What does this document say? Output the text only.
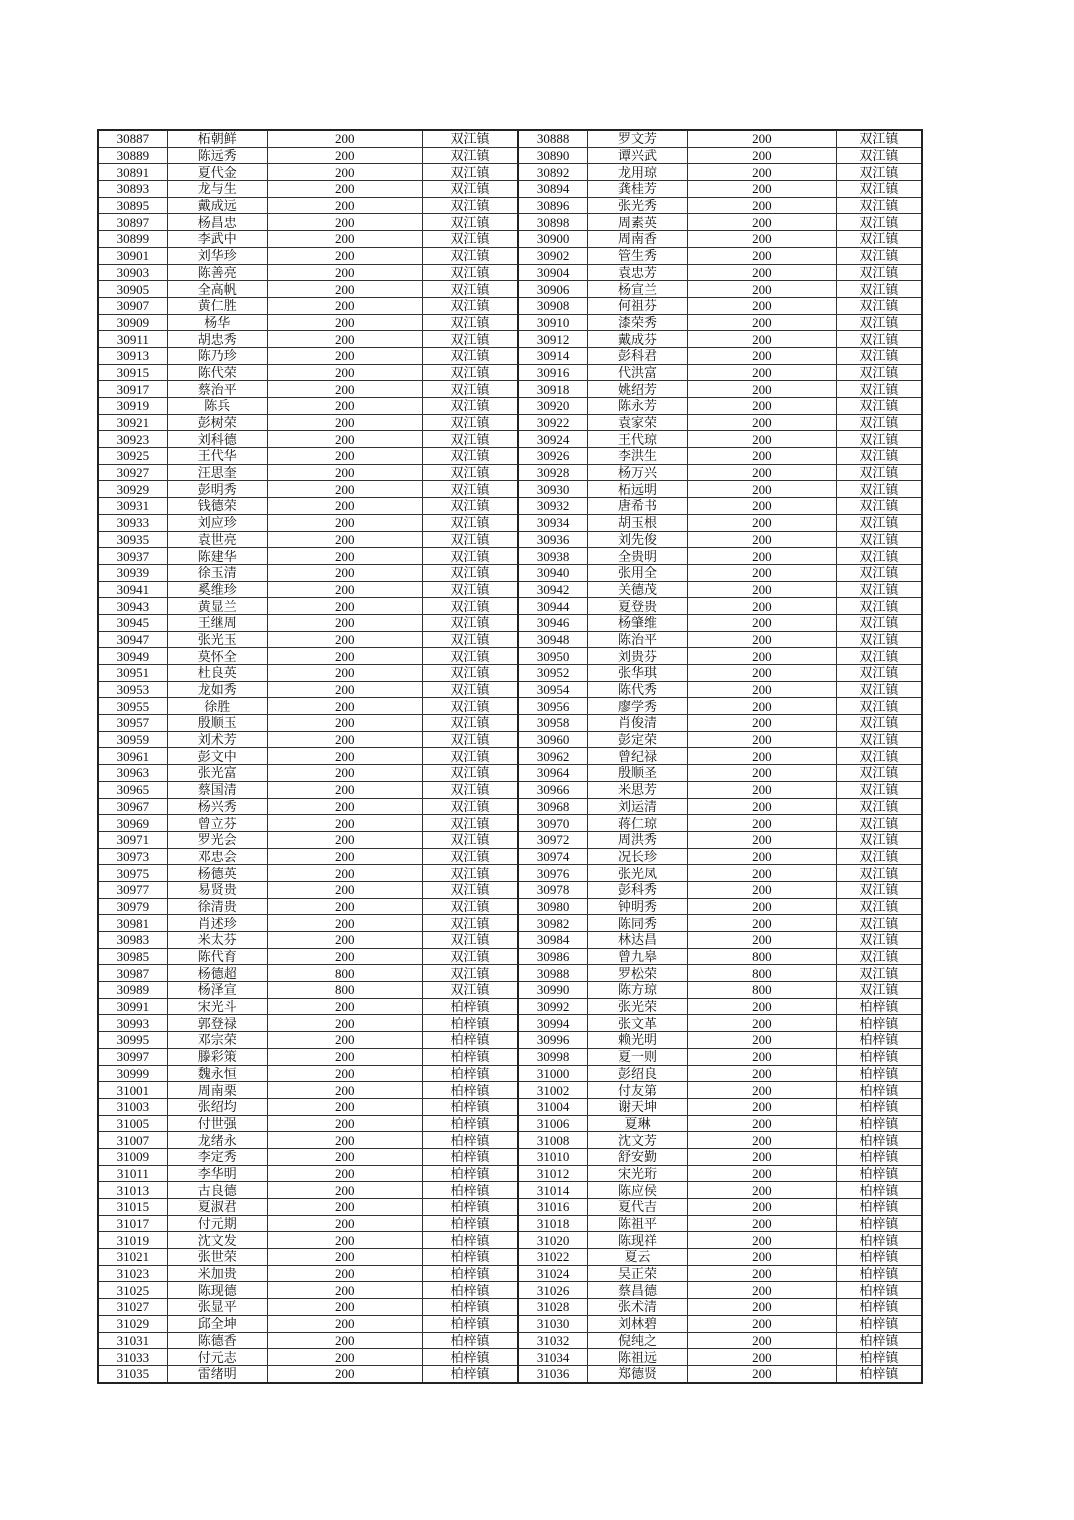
30887	柘朝鲜	200	双江镇	30888	罗文芳	200	双江镇
30889	陈远秀	200	双江镇	30890	谭兴武	200	双江镇
30891	夏代金	200	双江镇	30892	龙用琼	200	双江镇
30893	龙与生	200	双江镇	30894	龚桂芳	200	双江镇
30895	戴成远	200	双江镇	30896	张光秀	200	双江镇
30897	杨昌忠	200	双江镇	30898	周素英	200	双江镇
30899	李武中	200	双江镇	30900	周南香	200	双江镇
30901	刘华珍	200	双江镇	30902	管生秀	200	双江镇
30903	陈善亮	200	双江镇	30904	袁忠芳	200	双江镇
30905	全高帆	200	双江镇	30906	杨宣兰	200	双江镇
30907	黄仁胜	200	双江镇	30908	何祖芬	200	双江镇
30909	杨华	200	双江镇	30910	漆荣秀	200	双江镇
30911	胡忠秀	200	双江镇	30912	戴成芬	200	双江镇
30913	陈乃珍	200	双江镇	30914	彭科君	200	双江镇
30915	陈代荣	200	双江镇	30916	代洪富	200	双江镇
30917	蔡治平	200	双江镇	30918	姚绍芳	200	双江镇
30919	陈兵	200	双江镇	30920	陈永芳	200	双江镇
30921	彭树荣	200	双江镇	30922	袁家荣	200	双江镇
30923	刘科德	200	双江镇	30924	王代琼	200	双江镇
30925	王代华	200	双江镇	30926	李洪生	200	双江镇
30927	汪思奎	200	双江镇	30928	杨万兴	200	双江镇
30929	彭明秀	200	双江镇	30930	柘远明	200	双江镇
30931	钱德荣	200	双江镇	30932	唐希书	200	双江镇
30933	刘应珍	200	双江镇	30934	胡玉根	200	双江镇
30935	袁世亮	200	双江镇	30936	刘先俊	200	双江镇
30937	陈建华	200	双江镇	30938	全贵明	200	双江镇
30939	徐玉清	200	双江镇	30940	张用全	200	双江镇
30941	奚维珍	200	双江镇	30942	关德茂	200	双江镇
30943	黄显兰	200	双江镇	30944	夏登贵	200	双江镇
30945	王继周	200	双江镇	30946	杨肇维	200	双江镇
30947	张光玉	200	双江镇	30948	陈治平	200	双江镇
30949	莫怀全	200	双江镇	30950	刘贵芬	200	双江镇
30951	杜良英	200	双江镇	30952	张华琪	200	双江镇
30953	龙如秀	200	双江镇	30954	陈代秀	200	双江镇
30955	徐胜	200	双江镇	30956	廖学秀	200	双江镇
30957	殷顺玉	200	双江镇	30958	肖俊清	200	双江镇
30959	刘术芳	200	双江镇	30960	彭定荣	200	双江镇
30961	彭文中	200	双江镇	30962	曾纪禄	200	双江镇
30963	张光富	200	双江镇	30964	殷顺圣	200	双江镇
30965	蔡国清	200	双江镇	30966	米思芳	200	双江镇
30967	杨兴秀	200	双江镇	30968	刘运清	200	双江镇
30969	曾立芬	200	双江镇	30970	蒋仁琼	200	双江镇
30971	罗光会	200	双江镇	30972	周洪秀	200	双江镇
30973	邓忠会	200	双江镇	30974	况长珍	200	双江镇
30975	杨德英	200	双江镇	30976	张光凤	200	双江镇
30977	易贤贵	200	双江镇	30978	彭科秀	200	双江镇
30979	徐清贵	200	双江镇	30980	钟明秀	200	双江镇
30981	肖述珍	200	双江镇	30982	陈同秀	200	双江镇
30983	米太芬	200	双江镇	30984	林达昌	200	双江镇
30985	陈代育	200	双江镇	30986	曾九皋	800	双江镇
30987	杨德超	800	双江镇	30988	罗松荣	800	双江镇
30989	杨泽宣	800	双江镇	30990	陈方琼	800	双江镇
30991	宋光斗	200	柏梓镇	30992	张光荣	200	柏梓镇
30993	郭登禄	200	柏梓镇	30994	张文革	200	柏梓镇
30995	邓宗荣	200	柏梓镇	30996	赖光明	200	柏梓镇
30997	滕彩策	200	柏梓镇	30998	夏一则	200	柏梓镇
30999	魏永恒	200	柏梓镇	31000	彭绍良	200	柏梓镇
31001	周南栗	200	柏梓镇	31002	付友第	200	柏梓镇
31003	张绍均	200	柏梓镇	31004	谢天坤	200	柏梓镇
31005	付世强	200	柏梓镇	31006	夏琳	200	柏梓镇
31007	龙绪永	200	柏梓镇	31008	沈文芳	200	柏梓镇
31009	李定秀	200	柏梓镇	31010	舒安勤	200	柏梓镇
31011	李华明	200	柏梓镇	31012	宋光珩	200	柏梓镇
31013	古良德	200	柏梓镇	31014	陈应侯	200	柏梓镇
31015	夏淑君	200	柏梓镇	31016	夏代吉	200	柏梓镇
31017	付元期	200	柏梓镇	31018	陈祖平	200	柏梓镇
31019	沈文发	200	柏梓镇	31020	陈现祥	200	柏梓镇
31021	张世荣	200	柏梓镇	31022	夏云	200	柏梓镇
31023	米加贵	200	柏梓镇	31024	吴正荣	200	柏梓镇
31025	陈现德	200	柏梓镇	31026	蔡昌德	200	柏梓镇
31027	张显平	200	柏梓镇	31028	张术清	200	柏梓镇
31029	邱全坤	200	柏梓镇	31030	刘林碧	200	柏梓镇
31031	陈德香	200	柏梓镇	31032	倪纯之	200	柏梓镇
31033	付元志	200	柏梓镇	31034	陈祖远	200	柏梓镇
31035	雷绪明	200	柏梓镇	31036	郑德贤	200	柏梓镇
